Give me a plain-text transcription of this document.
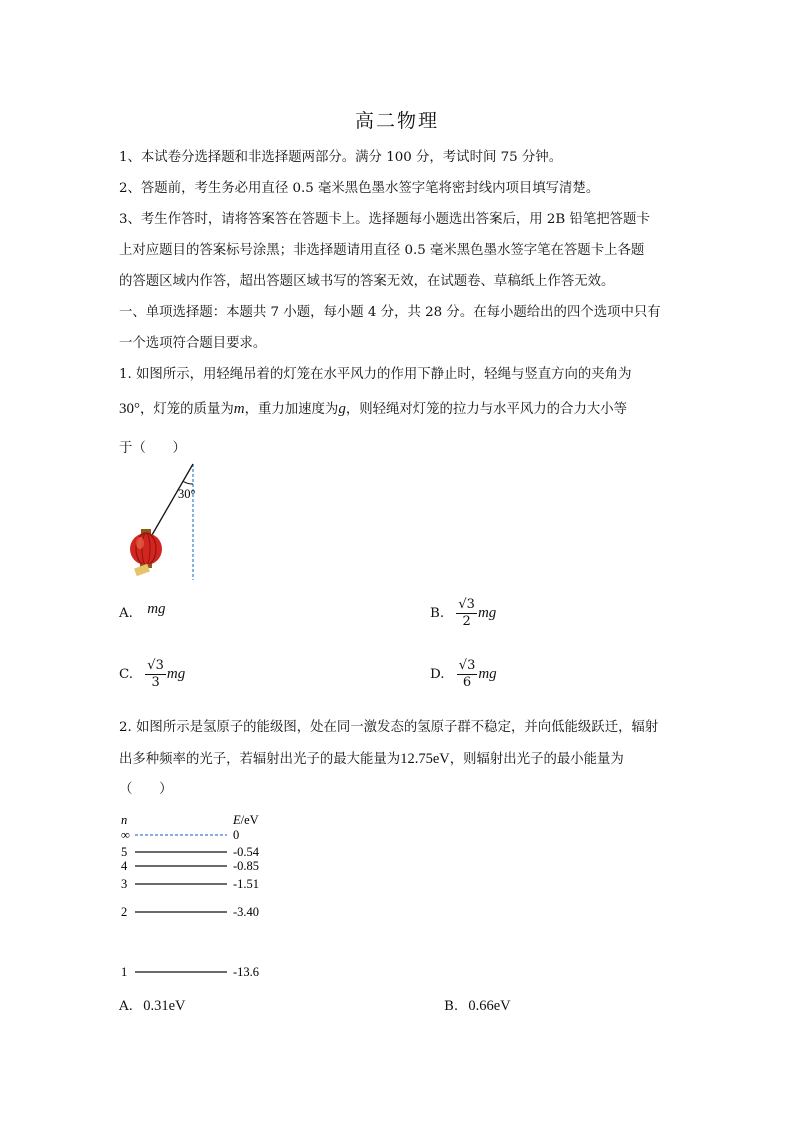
高二物理
1、本试卷分选择题和非选择题两部分。满分 100 分，考试时间 75 分钟。
2、答题前，考生务必用直径 0.5 毫米黑色墨水签字笔将密封线内项目填写清楚。
3、考生作答时，请将答案答在答题卡上。选择题每小题选出答案后，用 2B 铅笔把答题卡
上对应题目的答案标号涂黑；非选择题请用直径 0.5 毫米黑色墨水签字笔在答题卡上各题
的答题区域内作答，超出答题区域书写的答案无效，在试题卷、草稿纸上作答无效。
一、单项选择题：本题共 7 小题，每小题 4 分，共 28 分。在每小题给出的四个选项中只有
一个选项符合题目要求。
1. 如图所示，用轻绳吊着的灯笼在水平风力的作用下静止时，轻绳与竖直方向的夹角为
30°，灯笼的质量为m，重力加速度为g，则轻绳对灯笼的拉力与水平风力的合力大小等
于（　　）
30°
A. mg	B. $\frac{√3}{2}$ mg
C. $\frac{√3}{3}$ mg	D. $\frac{√3}{6}$ mg
2. 如图所示是氢原子的能级图，处在同一激发态的氢原子群不稳定，并向低能级跃迁，辐射
出多种频率的光子，若辐射出光子的最大能量为12.75eV，则辐射出光子的最小能量为
（　　）
n	E/eV
∞	0
5	-0.54
4	-0.85
3	-1.51
2	-3.40
1	-13.6
A. 0.31eV	B. 0.66eV
